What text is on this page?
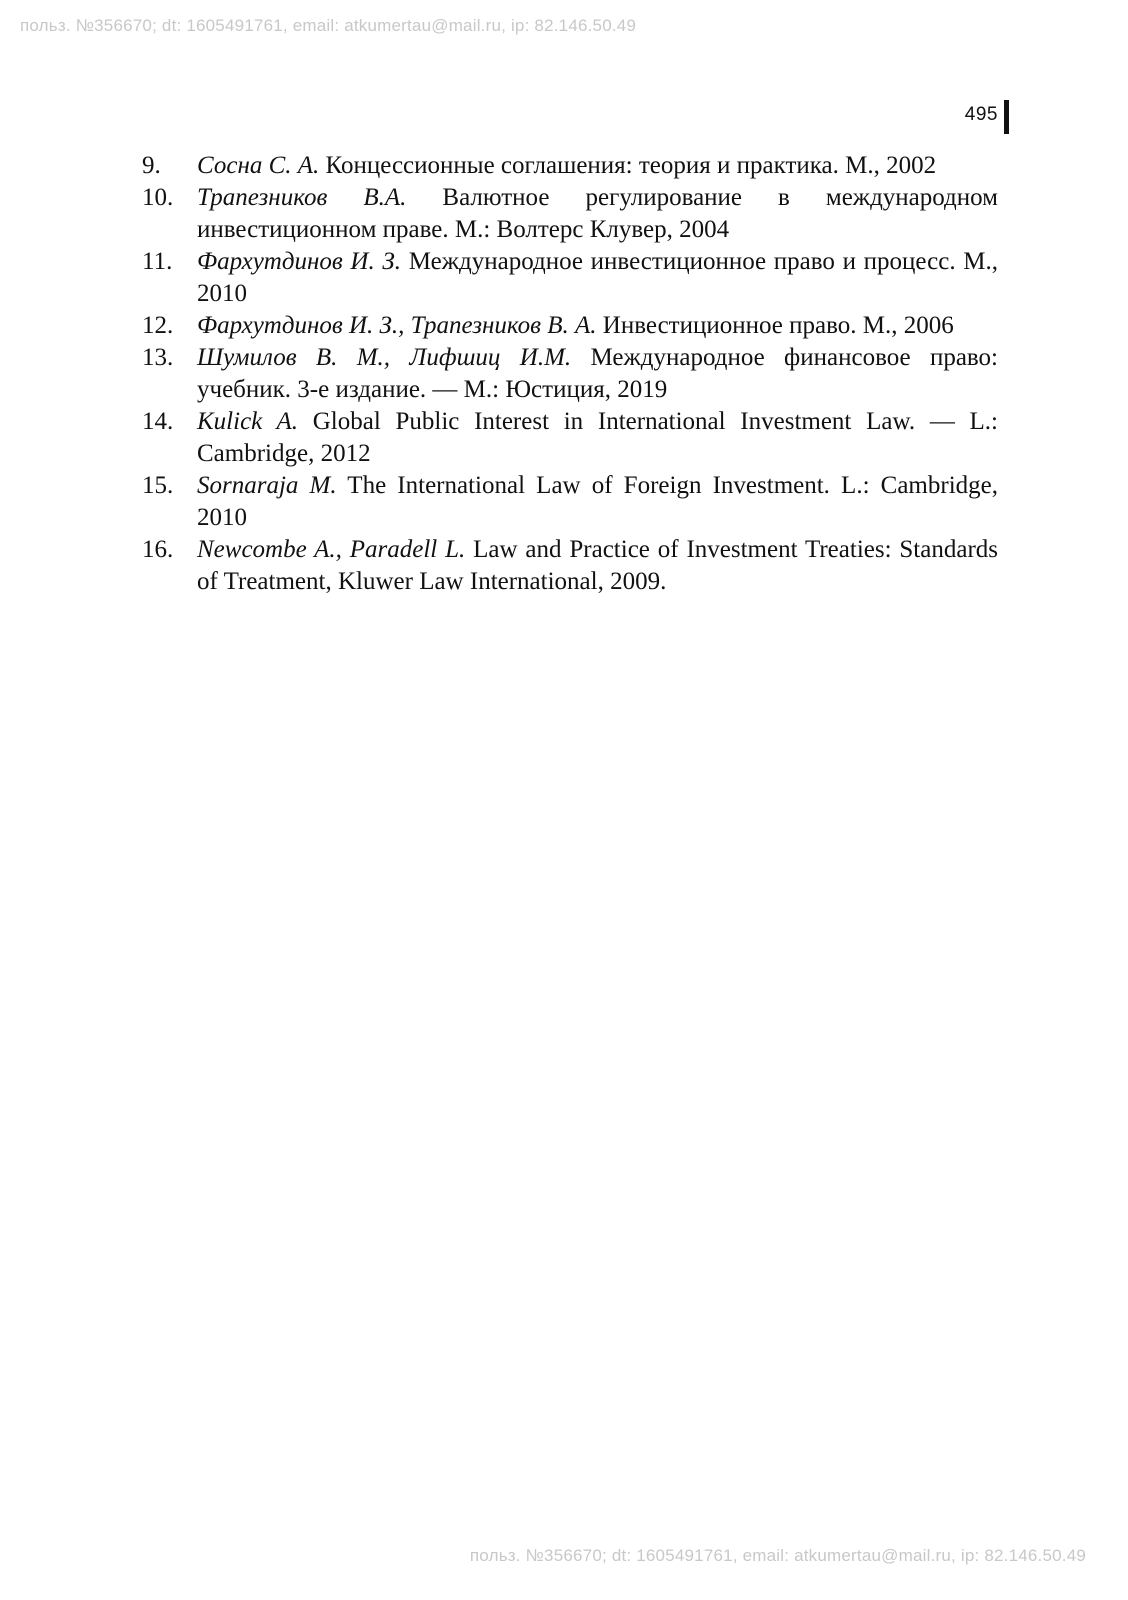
польз. №356670; dt: 1605491761, email: atkumertau@mail.ru, ip: 82.146.50.49
495
9.	Сосна С. А. Концессионные соглашения: теория и практика. М., 2002
10. Трапезников В.А. Валютное регулирование в международном инвестиционном праве. М.: Волтерс Клувер, 2004
11. Фархутдинов И. З. Международное инвестиционное право и процесс. М., 2010
12. Фархутдинов И. З., Трапезников В. А. Инвестиционное право. М., 2006
13. Шумилов В. М., Лифшиц И.М. Международное финансовое право: учебник. 3-е издание. — М.: Юстиция, 2019
14. Kulick A. Global Public Interest in International Investment Law. — L.: Cambridge, 2012
15. Sornaraja M. The International Law of Foreign Investment. L.: Cambridge, 2010
16. Newcombe A., Paradell L. Law and Practice of Investment Treaties: Standards of Treatment, Kluwer Law International, 2009.
польз. №356670; dt: 1605491761, email: atkumertau@mail.ru, ip: 82.146.50.49
